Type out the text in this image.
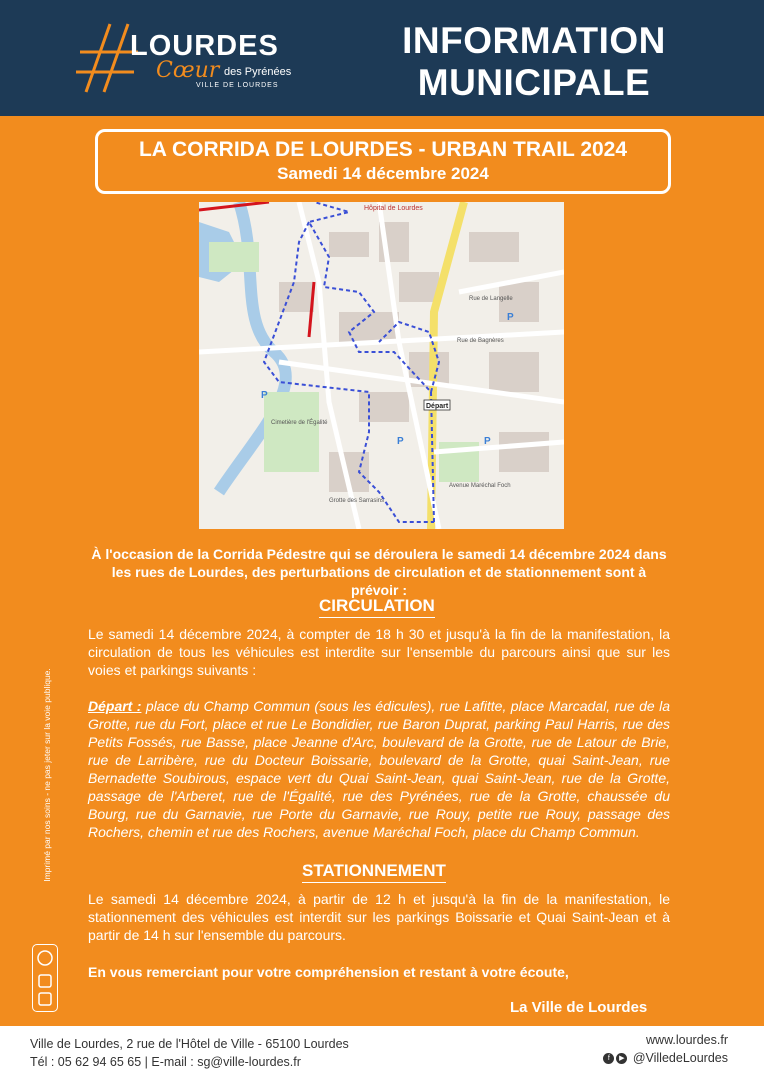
LOURDES
Cœur des Pyrénées
VILLE DE LOURDES
INFORMATION
MUNICIPALE
LA CORRIDA DE LOURDES - URBAN TRAIL 2024
Samedi 14 décembre 2024
Départ
P
P	P
P
Hôpital de Lourdes
Rue de Langelle
Rue de Bagnères
Avenue Maréchal Foch
Cimetière de l'Égalité
Grotte des Sarrasins
À l'occasion de la Corrida Pédestre qui se déroulera le samedi 14 décembre 2024 dans les rues de Lourdes, des perturbations de circulation et de stationnement sont à prévoir :
CIRCULATION
Le samedi 14 décembre 2024, à compter de 18 h 30 et jusqu'à la fin de la manifestation, la circulation de tous les véhicules est interdite sur l'ensemble du parcours ainsi que sur les voies et parkings suivants :
Départ : place du Champ Commun (sous les édicules), rue Lafitte, place Marcadal, rue de la Grotte, rue du Fort, place et rue Le Bondidier, rue Baron Duprat, parking Paul Harris, rue des Petits Fossés, rue Basse, place Jeanne d'Arc, boulevard de la Grotte, rue de Latour de Brie, rue de Larribère, rue du Docteur Boissarie, boulevard de la Grotte, quai Saint-Jean, rue Bernadette Soubirous, espace vert du Quai Saint-Jean, quai Saint-Jean, rue de la Grotte, passage de l'Arberet, rue de l'Égalité, rue des Pyrénées, rue de la Grotte, chaussée du Bourg, rue du Garnavie, rue Porte du Garnavie, rue Rouy, petite rue Rouy, passage des Rochers, chemin et rue des Rochers, avenue Maréchal Foch, place du Champ Commun.
STATIONNEMENT
Le samedi 14 décembre 2024, à partir de 12 h et jusqu'à la fin de la manifestation, le stationnement des véhicules est interdit sur les parkings Boissarie et Quai Saint-Jean et à partir de 14 h sur l'ensemble du parcours.
En vous remerciant pour votre compréhension et restant à votre écoute,
La Ville de Lourdes
Imprimé par nos soins - ne pas jeter sur la voie publique.
Ville de Lourdes, 2 rue de l'Hôtel de Ville - 65100 Lourdes
Tél : 05 62 94 65 65 | E-mail : sg@ville-lourdes.fr
www.lourdes.fr
f ▶ @VilledeLourdes
